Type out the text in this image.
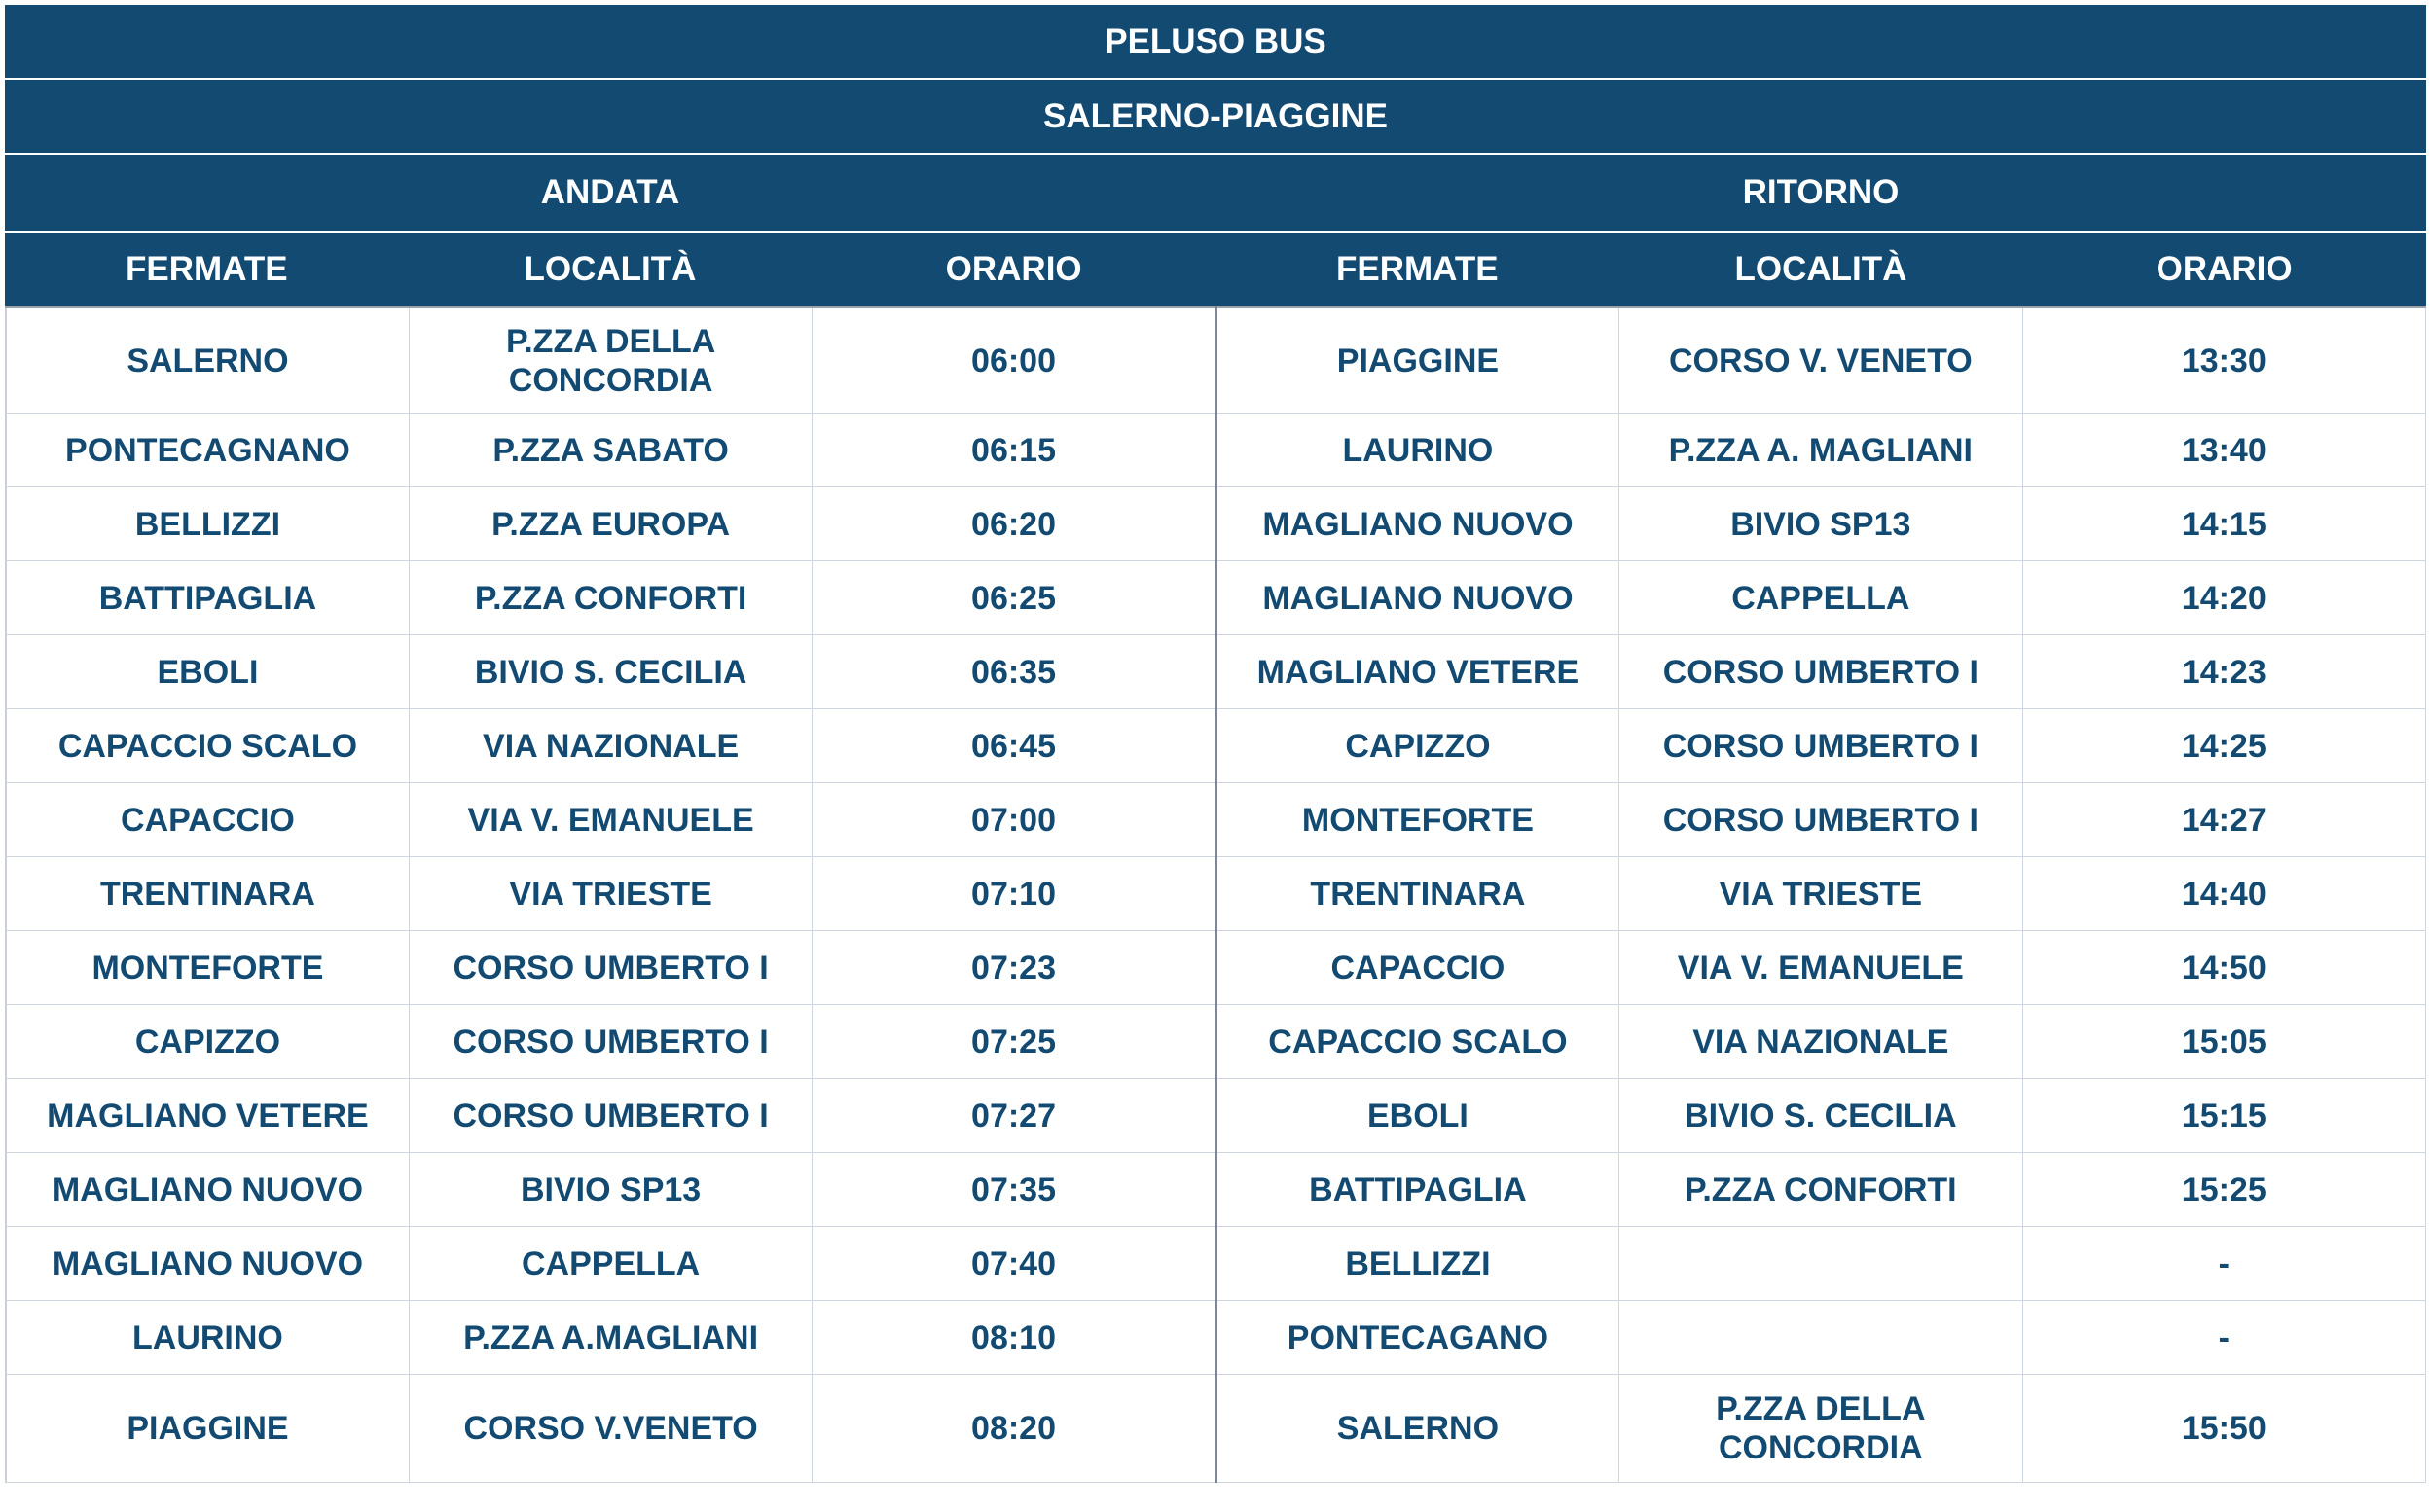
PELUSO BUS
SALERNO-PIAGGINE
ANDATA	RITORNO
FERMATE	LOCALITÀ	ORARIO	FERMATE	LOCALITÀ	ORARIO
SALERNO	P.ZZA DELLA CONCORDIA	06:00	PIAGGINE	CORSO V. VENETO	13:30
PONTECAGNANO	P.ZZA SABATO	06:15	LAURINO	P.ZZA A. MAGLIANI	13:40
BELLIZZI	P.ZZA EUROPA	06:20	MAGLIANO NUOVO	BIVIO SP13	14:15
BATTIPAGLIA	P.ZZA CONFORTI	06:25	MAGLIANO NUOVO	CAPPELLA	14:20
EBOLI	BIVIO S. CECILIA	06:35	MAGLIANO VETERE	CORSO UMBERTO I	14:23
CAPACCIO SCALO	VIA NAZIONALE	06:45	CAPIZZO	CORSO UMBERTO I	14:25
CAPACCIO	VIA V. EMANUELE	07:00	MONTEFORTE	CORSO UMBERTO I	14:27
TRENTINARA	VIA TRIESTE	07:10	TRENTINARA	VIA TRIESTE	14:40
MONTEFORTE	CORSO UMBERTO I	07:23	CAPACCIO	VIA V. EMANUELE	14:50
CAPIZZO	CORSO UMBERTO I	07:25	CAPACCIO SCALO	VIA NAZIONALE	15:05
MAGLIANO VETERE	CORSO UMBERTO I	07:27	EBOLI	BIVIO S. CECILIA	15:15
MAGLIANO NUOVO	BIVIO SP13	07:35	BATTIPAGLIA	P.ZZA CONFORTI	15:25
MAGLIANO NUOVO	CAPPELLA	07:40	BELLIZZI		-
LAURINO	P.ZZA A.MAGLIANI	08:10	PONTECAGANO		-
PIAGGINE	CORSO V.VENETO	08:20	SALERNO	P.ZZA DELLA CONCORDIA	15:50
